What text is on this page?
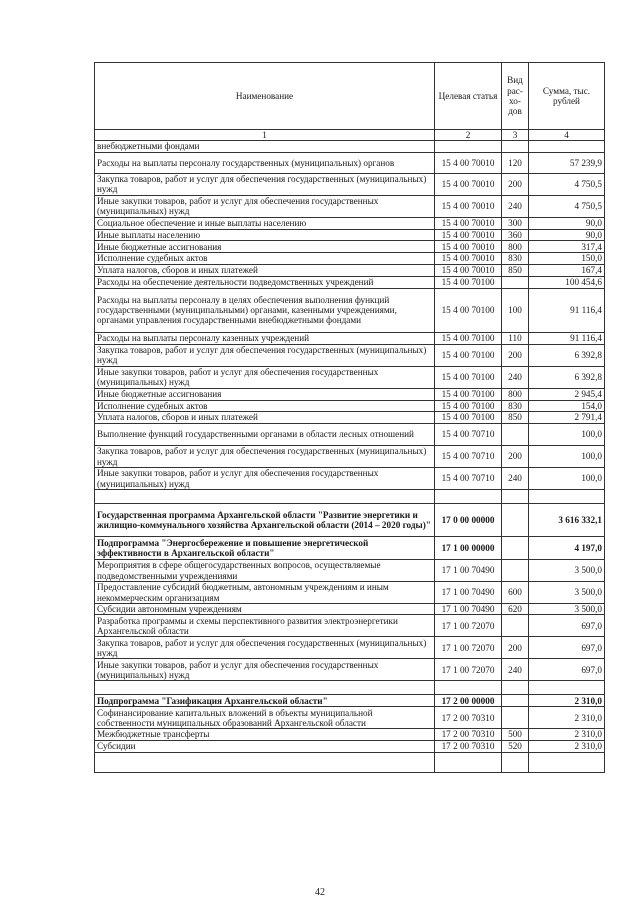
Наименование	Целевая статья	Вид рас-хо-дов	Сумма, тыс. рублей
1	2	3	4
внебюджетными фондами			
Расходы на выплаты персоналу государственных (муниципальных) органов	15 4 00 70010	120	57 239,9
Закупка товаров, работ и услуг для обеспечения государственных (муниципальных) нужд	15 4 00 70010	200	4 750,5
Иные закупки товаров, работ и услуг для обеспечения государственных (муниципальных) нужд	15 4 00 70010	240	4 750,5
Социальное обеспечение и иные выплаты населению	15 4 00 70010	300	90,0
Иные выплаты населению	15 4 00 70010	360	90,0
Иные бюджетные ассигнования	15 4 00 70010	800	317,4
Исполнение судебных актов	15 4 00 70010	830	150,0
Уплата налогов, сборов и иных платежей	15 4 00 70010	850	167,4
Расходы на обеспечение деятельности подведомственных учреждений	15 4 00 70100		100 454,6
Расходы на выплаты персоналу в целях обеспечения выполнения функций государственными (муниципальными) органами, казенными учреждениями, органами управления государственными внебюджетными фондами	15 4 00 70100	100	91 116,4
Расходы на выплаты персоналу казенных учреждений	15 4 00 70100	110	91 116,4
Закупка товаров, работ и услуг для обеспечения государственных (муниципальных) нужд	15 4 00 70100	200	6 392,8
Иные закупки товаров, работ и услуг для обеспечения государственных (муниципальных) нужд	15 4 00 70100	240	6 392,8
Иные бюджетные ассигнования	15 4 00 70100	800	2 945,4
Исполнение судебных актов	15 4 00 70100	830	154,0
Уплата налогов, сборов и иных платежей	15 4 00 70100	850	2 791,4
Выполнение функций государственными органами в области лесных отношений	15 4 00 70710		100,0
Закупка товаров, работ и услуг для обеспечения государственных (муниципальных) нужд	15 4 00 70710	200	100,0
Иные закупки товаров, работ и услуг для обеспечения государственных (муниципальных) нужд	15 4 00 70710	240	100,0

Государственная программа Архангельской области "Развитие энергетики и жилищно-коммунального хозяйства Архангельской области (2014 – 2020 годы)"	17 0 00 00000		3 616 332,1
Подпрограмма "Энергосбережение и повышение энергетической эффективности в Архангельской области"	17 1 00 00000		4 197,0
Мероприятия в сфере общегосударственных вопросов, осуществляемые подведомственными учреждениями	17 1 00 70490		3 500,0
Предоставление субсидий бюджетным, автономным учреждениям и иным некоммерческим организациям	17 1 00 70490	600	3 500,0
Субсидии автономным учреждениям	17 1 00 70490	620	3 500,0
Разработка программы и схемы перспективного развития электроэнергетики Архангельской области	17 1 00 72070		697,0
Закупка товаров, работ и услуг для обеспечения государственных (муниципальных) нужд	17 1 00 72070	200	697,0
Иные закупки товаров, работ и услуг для обеспечения государственных (муниципальных) нужд	17 1 00 72070	240	697,0

Подпрограмма "Газификация Архангельской области"	17 2 00 00000		2 310,0
Софинансирование капитальных вложений в объекты муниципальной собственности муниципальных образований Архангельской области	17 2 00 70310		2 310,0
Межбюджетные трансферты	17 2 00 70310	500	2 310,0
Субсидии	17 2 00 70310	520	2 310,0

42
